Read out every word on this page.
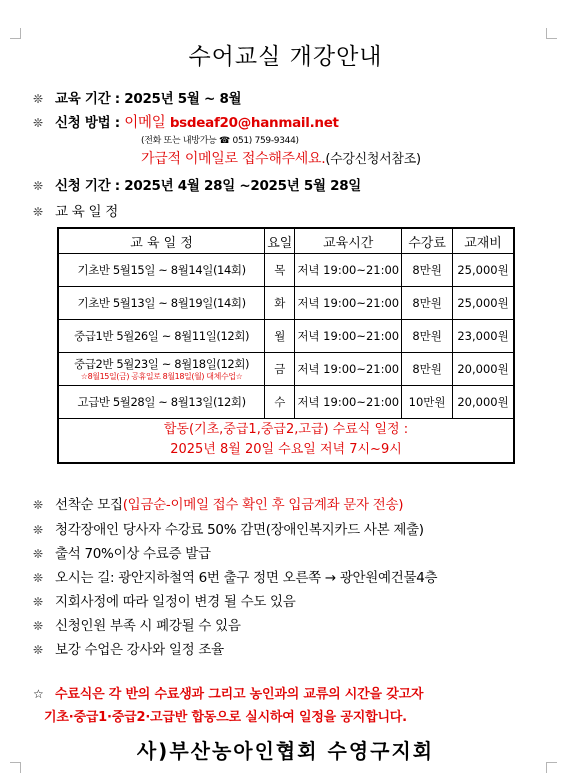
수어교실 개강안내
❊ 교육 기간 : 2025년 5월 ~ 8월
❊ 신청 방법 : 이메일 bsdeaf20@hanmail.net
(전화 또는 내방가능 ☎ 051) 759-9344)
가급적 이메일로 접수해주세요.(수강신청서참조)
❊ 신청 기간 : 2025년 4월 28일 ~2025년 5월 28일
❊ 교 육 일 정
교 육 일 정	요일	교육시간	수강료	교재비
기초반 5월15일 ~ 8월14일(14회)	목	저녁 19:00~21:00	8만원	25,000원
기초반 5월13일 ~ 8월19일(14회)	화	저녁 19:00~21:00	8만원	25,000원
중급1반 5월26일 ~ 8월11일(12회)	월	저녁 19:00~21:00	8만원	23,000원
중급2반 5월23일 ~ 8월18일(12회)
☆8월15일(금) 공휴일로 8월18일(월) 대체수업☆	금	저녁 19:00~21:00	8만원	20,000원
고급반 5월28일 ~ 8월13일(12회)	수	저녁 19:00~21:00	10만원	20,000원
합동(기초,중급1,중급2,고급) 수료식 일정 :
2025년 8월 20일 수요일 저녁 7시~9시				
❊ 선착순 모집(입금순-이메일 접수 확인 후 입금계좌 문자 전송)
❊ 청각장애인 당사자 수강료 50% 감면(장애인복지카드 사본 제출)
❊ 출석 70%이상 수료증 발급
❊ 오시는 길: 광안지하철역 6번 출구 정면 오른쪽 → 광안원예건물4층
❊ 지회사정에 따라 일정이 변경 될 수도 있음
❊ 신청인원 부족 시 폐강될 수 있음
❊ 보강 수업은 강사와 일정 조율
☆ 수료식은 각 반의 수료생과 그리고 농인과의 교류의 시간을 갖고자
기초·중급1·중급2·고급반 합동으로 실시하여 일정을 공지합니다.
사)부산농아인협회 수영구지회
